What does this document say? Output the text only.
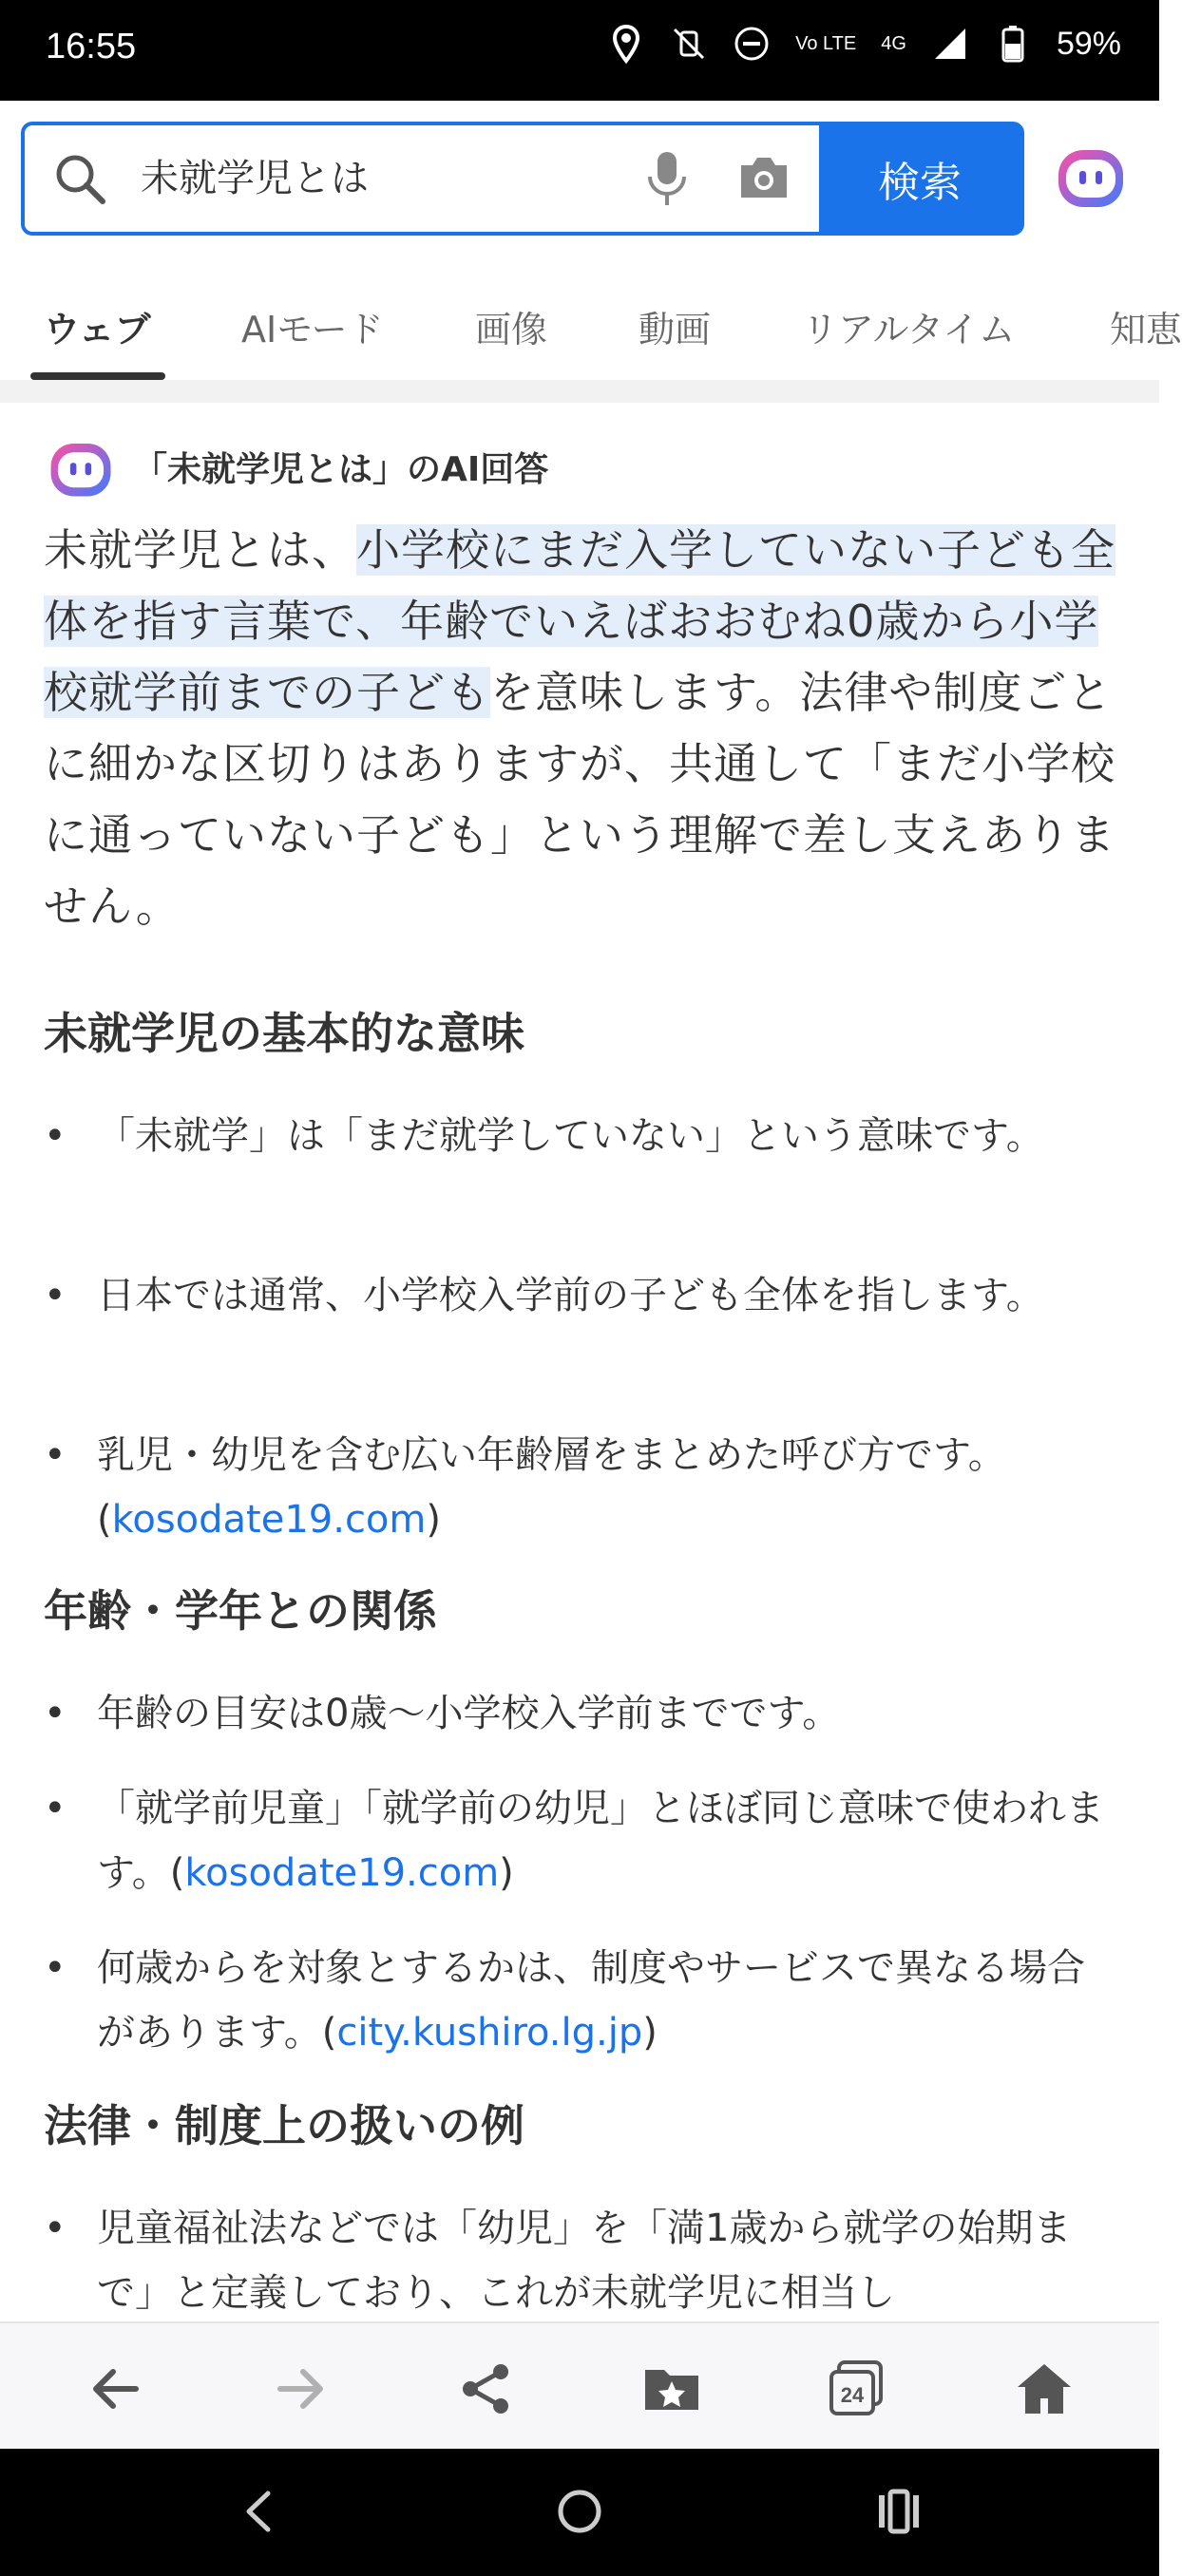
16:55	Vo LTE 4G	59%
未就学児とは	検索
ウェブ	AIモード	画像	動画	リアルタイム	知恵
「未就学児とは」のAI回答
未就学児とは、小学校にまだ入学していない子ども全体を指す言葉で、年齢でいえばおおむね0歳から小学校就学前までの子どもを意味します。法律や制度ごとに細かな区切りはありますが、共通して「まだ小学校に通っていない子ども」という理解で差し支えありません。
未就学児の基本的な意味
• 「未就学」は「まだ就学していない」という意味です。
• 日本では通常、小学校入学前の子ども全体を指します。
• 乳児・幼児を含む広い年齢層をまとめた呼び方です。(kosodate19.com)
年齢・学年との関係
• 年齢の目安は0歳〜小学校入学前までです。
• 「就学前児童」「就学前の幼児」とほぼ同じ意味で使われます。(kosodate19.com)
• 何歳からを対象とするかは、制度やサービスで異なる場合があります。(city.kushiro.lg.jp)
法律・制度上の扱いの例
• 児童福祉法などでは「幼児」を「満1歳から就学の始期まで」と定義しており、これが未就学児に相当し
24
